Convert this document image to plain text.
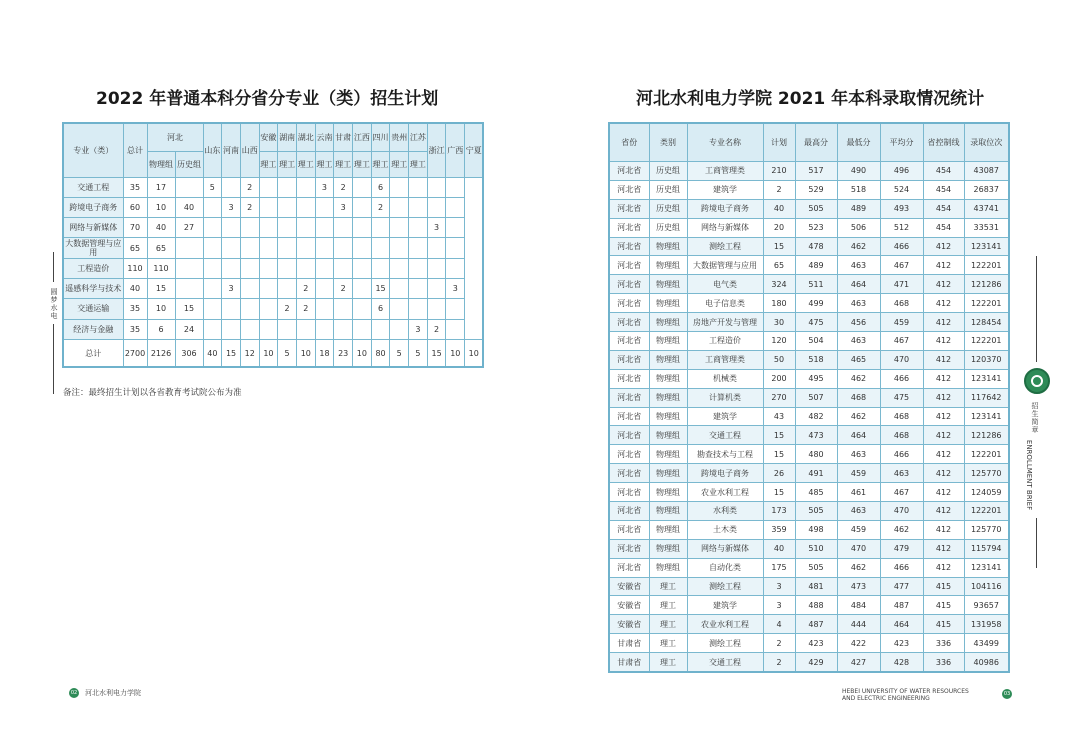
2022 年普通本科分省分专业（类）招生计划	河北水利电力学院 2021 年本科录取情况统计
专业（类）	总计	河北		山东	河南	山西	安徽	湖南	湖北	云南	甘肃	江西	四川	贵州	江苏	浙江	广西	宁夏
		物理组	历史组				理工	理工	理工	理工	理工	理工	理工	理工	理工			
交通工程	35	17		5		2				3	2		6					
跨境电子商务	60	10	40		3	2					3		2					
网络与新媒体	70	40	27													3		
大数据管理与应用	65	65																
工程造价	110	110																
遥感科学与技术	40	15			3				2		2		15				3	
交通运输	35	10	15					2	2				6					
经济与金融	35	6	24												3	2		
总计	2700	2126	306	40	15	12	10	5	10	18	23	10	80	5	5	15	10	10
备注：最终招生计划以各省教育考试院公布为准
省份	类别	专业名称	计划	最高分	最低分	平均分	省控制线	录取位次
河北省	历史组	工商管理类	210	517	490	496	454	43087
河北省	历史组	建筑学	2	529	518	524	454	26837
河北省	历史组	跨境电子商务	40	505	489	493	454	43741
河北省	历史组	网络与新媒体	20	523	506	512	454	33531
河北省	物理组	测绘工程	15	478	462	466	412	123141
河北省	物理组	大数据管理与应用	65	489	463	467	412	122201
河北省	物理组	电气类	324	511	464	471	412	121286
河北省	物理组	电子信息类	180	499	463	468	412	122201
河北省	物理组	房地产开发与管理	30	475	456	459	412	128454
河北省	物理组	工程造价	120	504	463	467	412	122201
河北省	物理组	工商管理类	50	518	465	470	412	120370
河北省	物理组	机械类	200	495	462	466	412	123141
河北省	物理组	计算机类	270	507	468	475	412	117642
河北省	物理组	建筑学	43	482	462	468	412	123141
河北省	物理组	交通工程	15	473	464	468	412	121286
河北省	物理组	勘查技术与工程	15	480	463	466	412	122201
河北省	物理组	跨境电子商务	26	491	459	463	412	125770
河北省	物理组	农业水利工程	15	485	461	467	412	124059
河北省	物理组	水利类	173	505	463	470	412	122201
河北省	物理组	土木类	359	498	459	462	412	125770
河北省	物理组	网络与新媒体	40	510	470	479	412	115794
河北省	物理组	自动化类	175	505	462	466	412	123141
安徽省	理工	测绘工程	3	481	473	477	415	104116
安徽省	理工	建筑学	3	488	484	487	415	93657
安徽省	理工	农业水利工程	4	487	444	464	415	131958
甘肃省	理工	测绘工程	2	423	422	423	336	43499
甘肃省	理工	交通工程	2	429	427	428	336	40986
圆梦水电
招生简章
ENROLLMENT BRIEF
02 河北水利电力学院	HEBEI UNIVERSITY OF WATER RESOURCES
AND ELECTRIC ENGINEERING
03
